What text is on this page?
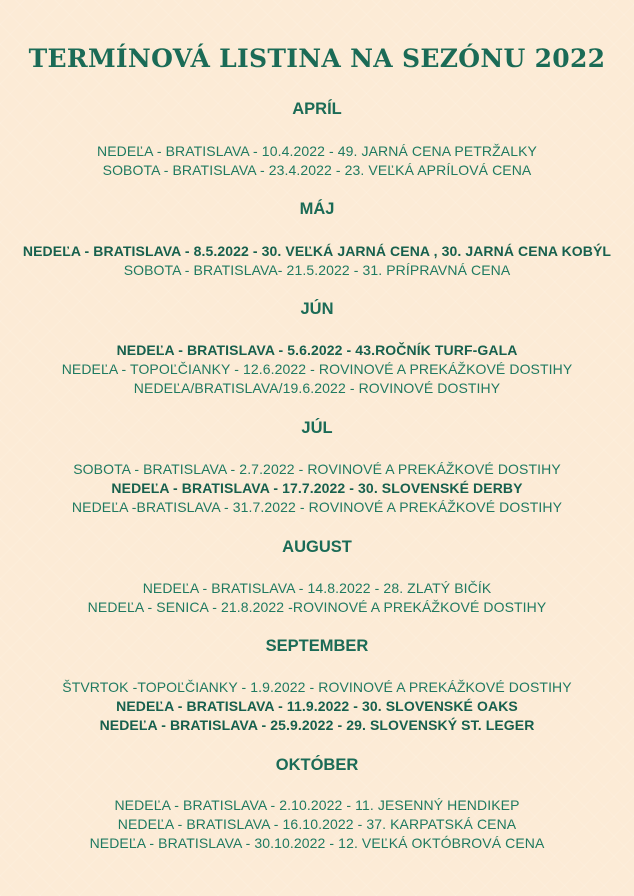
TERMÍNOVÁ LISTINA NA SEZÓNU 2022
APRÍL
NEDEĽA - BRATISLAVA - 10.4.2022 - 49. JARNÁ CENA PETRŽALKY
SOBOTA - BRATISLAVA - 23.4.2022 - 23. VEĽKÁ APRÍLOVÁ CENA
MÁJ
NEDEĽA - BRATISLAVA - 8.5.2022 - 30. VEĽKÁ JARNÁ CENA , 30. JARNÁ CENA KOBÝL
SOBOTA - BRATISLAVA- 21.5.2022 - 31. PRÍPRAVNÁ CENA
JÚN
NEDEĽA - BRATISLAVA - 5.6.2022 - 43.ROČNÍK TURF-GALA
NEDEĽA - TOPOĽČIANKY - 12.6.2022 - ROVINOVÉ A PREKÁŽKOVÉ DOSTIHY
NEDEĽA/BRATISLAVA/19.6.2022 - ROVINOVÉ DOSTIHY
JÚL
SOBOTA - BRATISLAVA - 2.7.2022 - ROVINOVÉ A PREKÁŽKOVÉ DOSTIHY
NEDEĽA - BRATISLAVA - 17.7.2022 - 30. SLOVENSKÉ DERBY
NEDEĽA -BRATISLAVA - 31.7.2022 - ROVINOVÉ A PREKÁŽKOVÉ DOSTIHY
AUGUST
NEDEĽA - BRATISLAVA - 14.8.2022 - 28. ZLATÝ BIČÍK
NEDEĽA - SENICA - 21.8.2022 -ROVINOVÉ A PREKÁŽKOVÉ DOSTIHY
SEPTEMBER
ŠTVRTOK -TOPOĽČIANKY - 1.9.2022 - ROVINOVÉ A PREKÁŽKOVÉ DOSTIHY
NEDEĽA - BRATISLAVA - 11.9.2022 - 30. SLOVENSKÉ OAKS
NEDEĽA - BRATISLAVA - 25.9.2022 - 29. SLOVENSKÝ ST. LEGER
OKTÓBER
NEDEĽA - BRATISLAVA - 2.10.2022 - 11. JESENNÝ HENDIKEP
NEDEĽA - BRATISLAVA - 16.10.2022 - 37. KARPATSKÁ CENA
NEDEĽA - BRATISLAVA - 30.10.2022 - 12. VEĽKÁ OKTÓBROVÁ CENA
